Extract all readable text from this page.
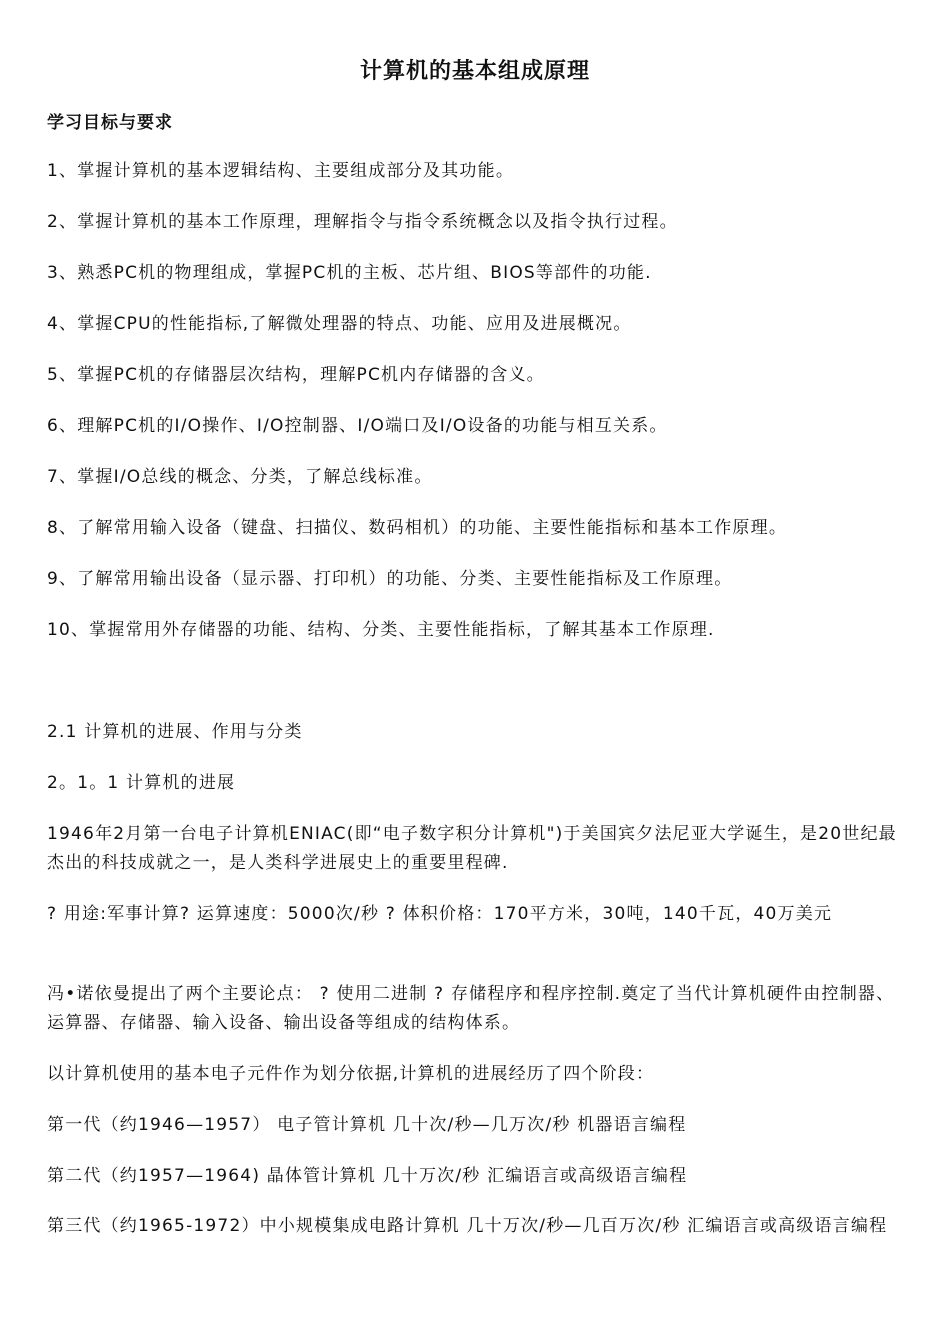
计算机的基本组成原理
学习目标与要求
1、掌握计算机的基本逻辑结构、主要组成部分及其功能。
2、掌握计算机的基本工作原理，理解指令与指令系统概念以及指令执行过程。
3、熟悉PC机的物理组成，掌握PC机的主板、芯片组、BIOS等部件的功能.
4、掌握CPU的性能指标,了解微处理器的特点、功能、应用及进展概况。
5、掌握PC机的存储器层次结构，理解PC机内存储器的含义。
6、理解PC机的I/O操作、I/O控制器、I/O端口及I/O设备的功能与相互关系。
7、掌握I/O总线的概念、分类，了解总线标准。
8、了解常用输入设备（键盘、扫描仪、数码相机）的功能、主要性能指标和基本工作原理。
9、了解常用输出设备（显示器、打印机）的功能、分类、主要性能指标及工作原理。
10、掌握常用外存储器的功能、结构、分类、主要性能指标，了解其基本工作原理.
2.1 计算机的进展、作用与分类
2。1。1 计算机的进展
1946年2月第一台电子计算机ENIAC(即“电子数字积分计算机")于美国宾夕法尼亚大学诞生，是20世纪最杰出的科技成就之一，是人类科学进展史上的重要里程碑.
? 用途:军事计算? 运算速度：5000次/秒 ? 体积价格：170平方米，30吨，140千瓦，40万美元
冯•诺依曼提出了两个主要论点： ? 使用二进制 ? 存储程序和程序控制.奠定了当代计算机硬件由控制器、运算器、存储器、输入设备、输出设备等组成的结构体系。
以计算机使用的基本电子元件作为划分依据,计算机的进展经历了四个阶段：
第一代（约1946—1957） 电子管计算机 几十次/秒—几万次/秒 机器语言编程
第二代（约1957—1964) 晶体管计算机 几十万次/秒 汇编语言或高级语言编程
第三代（约1965-1972）中小规模集成电路计算机 几十万次/秒—几百万次/秒 汇编语言或高级语言编程
